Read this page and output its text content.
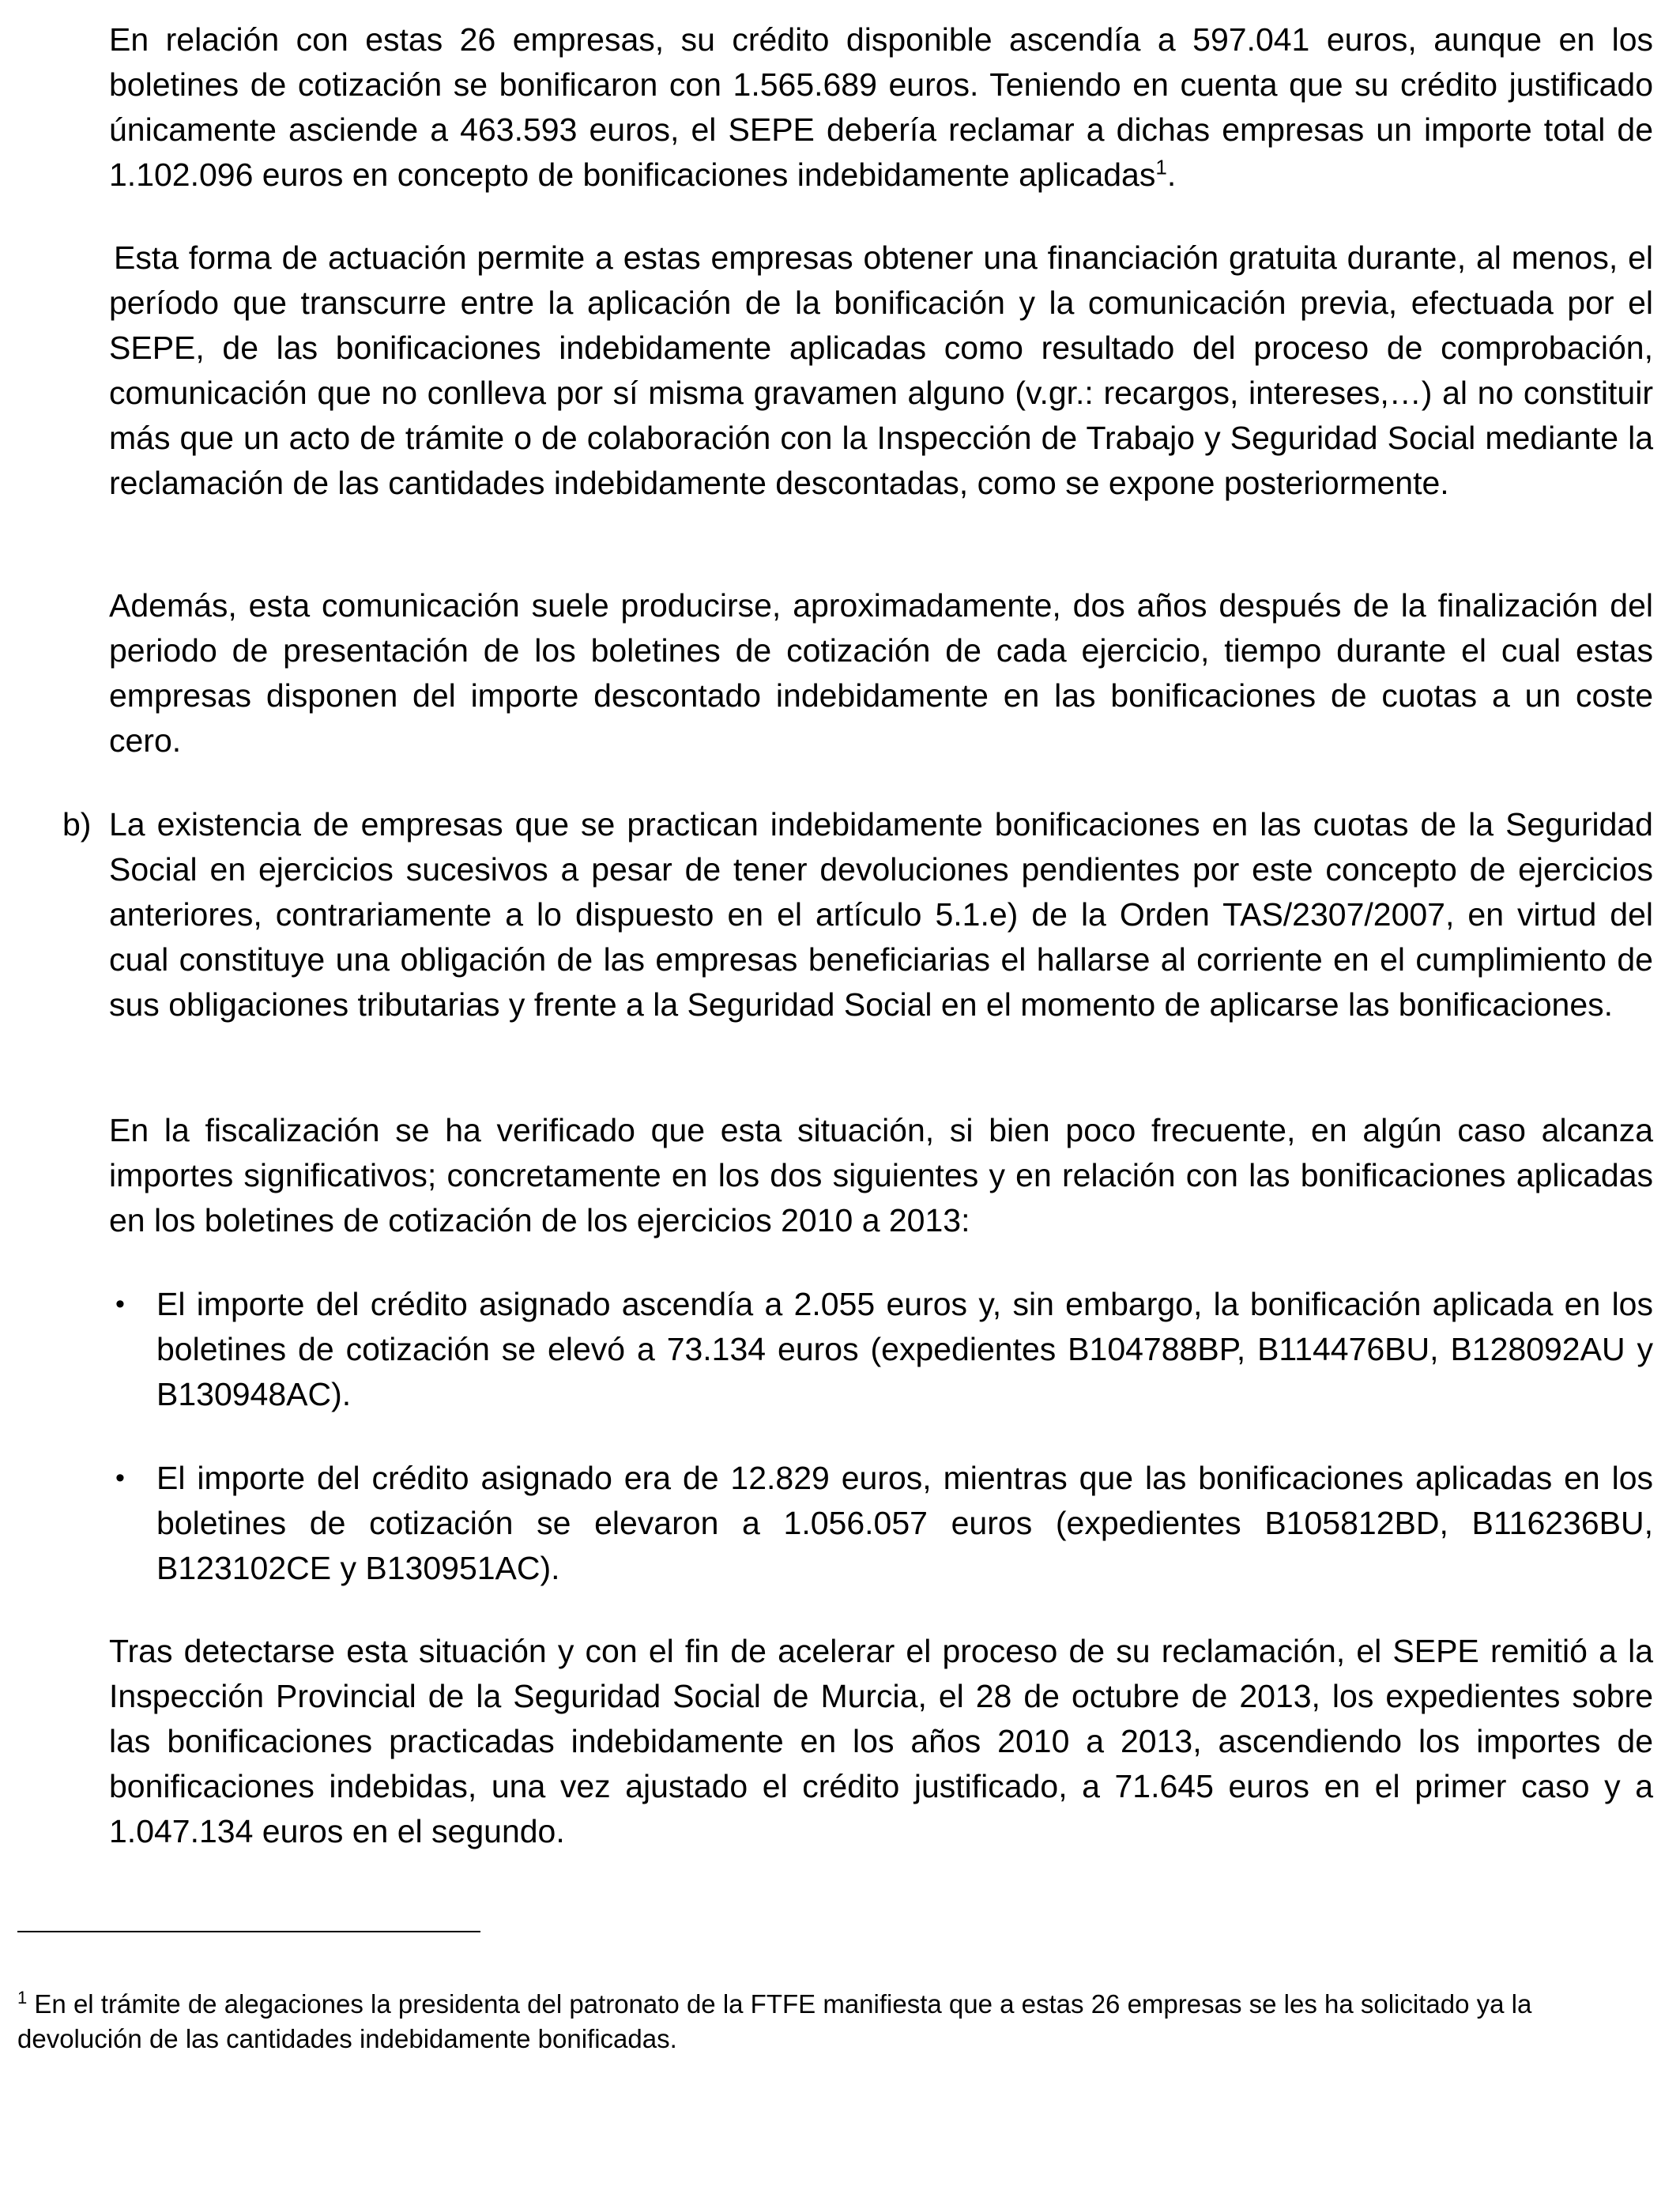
En relación con estas 26 empresas, su crédito disponible ascendía a 597.041 euros, aunque en los boletines de cotización se bonificaron con 1.565.689 euros. Teniendo en cuenta que su crédito justificado únicamente asciende a 463.593 euros, el SEPE debería reclamar a dichas empresas un importe total de 1.102.096 euros en concepto de bonificaciones indebidamente aplicadas$^1$.

Esta forma de actuación permite a estas empresas obtener una financiación gratuita durante, al menos, el período que transcurre entre la aplicación de la bonificación y la comunicación previa, efectuada por el SEPE, de las bonificaciones indebidamente aplicadas como resultado del proceso de comprobación, comunicación que no conlleva por sí misma gravamen alguno (v.gr.: recargos, intereses,…) al no constituir más que un acto de trámite o de colaboración con la Inspección de Trabajo y Seguridad Social mediante la reclamación de las cantidades indebidamente descontadas, como se expone posteriormente.

Además, esta comunicación suele producirse, aproximadamente, dos años después de la finalización del periodo de presentación de los boletines de cotización de cada ejercicio, tiempo durante el cual estas empresas disponen del importe descontado indebidamente en las bonificaciones de cuotas a un coste cero.

b) La existencia de empresas que se practican indebidamente bonificaciones en las cuotas de la Seguridad Social en ejercicios sucesivos a pesar de tener devoluciones pendientes por este concepto de ejercicios anteriores, contrariamente a lo dispuesto en el artículo 5.1.e) de la Orden TAS/2307/2007, en virtud del cual constituye una obligación de las empresas beneficiarias el hallarse al corriente en el cumplimiento de sus obligaciones tributarias y frente a la Seguridad Social en el momento de aplicarse las bonificaciones.

En la fiscalización se ha verificado que esta situación, si bien poco frecuente, en algún caso alcanza importes significativos; concretamente en los dos siguientes y en relación con las bonificaciones aplicadas en los boletines de cotización de los ejercicios 2010 a 2013:

• El importe del crédito asignado ascendía a 2.055 euros y, sin embargo, la bonificación aplicada en los boletines de cotización se elevó a 73.134 euros (expedientes B104788BP, B114476BU, B128092AU y B130948AC).

• El importe del crédito asignado era de 12.829 euros, mientras que las bonificaciones aplicadas en los boletines de cotización se elevaron a 1.056.057 euros (expedientes B105812BD, B116236BU, B123102CE y B130951AC).

Tras detectarse esta situación y con el fin de acelerar el proceso de su reclamación, el SEPE remitió a la Inspección Provincial de la Seguridad Social de Murcia, el 28 de octubre de 2013, los expedientes sobre las bonificaciones practicadas indebidamente en los años 2010 a 2013, ascendiendo los importes de bonificaciones indebidas, una vez ajustado el crédito justificado, a 71.645 euros en el primer caso y a 1.047.134 euros en el segundo.

$^1$ En el trámite de alegaciones la presidenta del patronato de la FTFE manifiesta que a estas 26 empresas se les ha solicitado ya la devolución de las cantidades indebidamente bonificadas.
